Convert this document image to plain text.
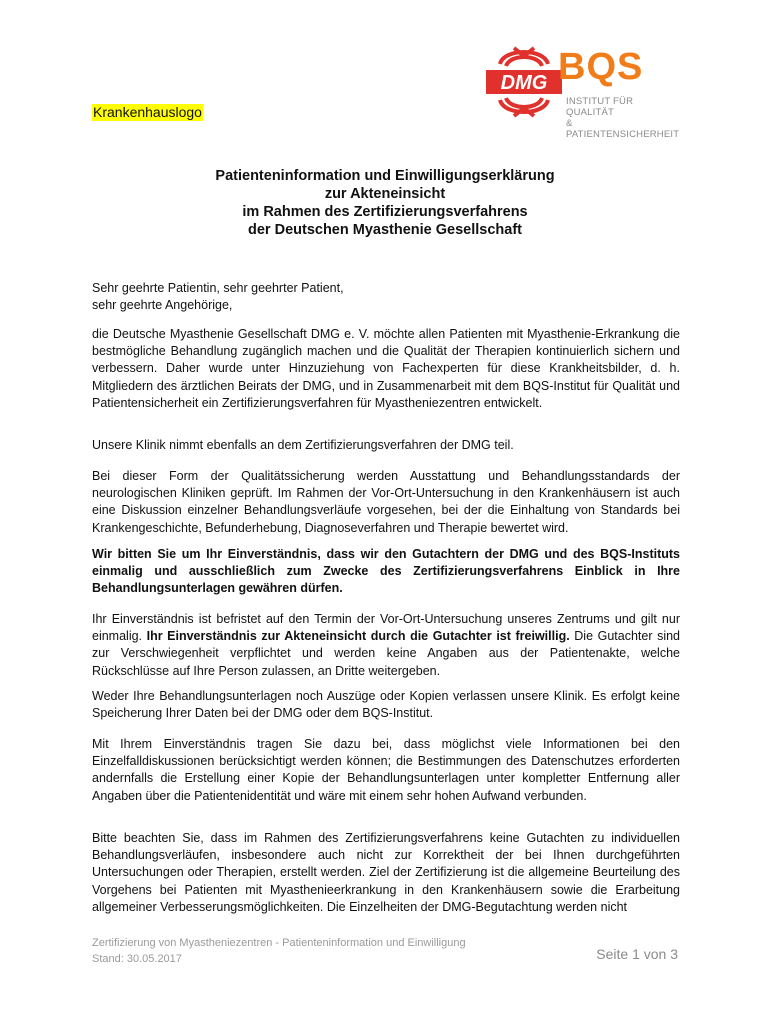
Krankenhauslogo
DMG BQS
INSTITUT FÜR QUALITÄT
& PATIENTENSICHERHEIT
Patienteninformation und Einwilligungserklärung
zur Akteneinsicht
im Rahmen des Zertifizierungsverfahrens
der Deutschen Myasthenie Gesellschaft
Sehr geehrte Patientin, sehr geehrter Patient,
sehr geehrte Angehörige,

die Deutsche Myasthenie Gesellschaft DMG e. V. möchte allen Patienten mit Myasthenie-Erkrankung die bestmögliche Behandlung zugänglich machen und die Qualität der Therapien kontinuierlich sichern und verbessern. Daher wurde unter Hinzuziehung von Fachexperten für diese Krankheitsbilder, d. h. Mitgliedern des ärztlichen Beirats der DMG, und in Zusammenarbeit mit dem BQS-Institut für Qualität und Patientensicherheit ein Zertifizierungsverfahren für Myastheniezentren entwickelt.

Unsere Klinik nimmt ebenfalls an dem Zertifizierungsverfahren der DMG teil.

Bei dieser Form der Qualitätssicherung werden Ausstattung und Behandlungsstandards der neurologischen Kliniken geprüft. Im Rahmen der Vor-Ort-Untersuchung in den Krankenhäusern ist auch eine Diskussion einzelner Behandlungsverläufe vorgesehen, bei der die Einhaltung von Standards bei Krankengeschichte, Befunderhebung, Diagnoseverfahren und Therapie bewertet wird.

Wir bitten Sie um Ihr Einverständnis, dass wir den Gutachtern der DMG und des BQS-Instituts einmalig und ausschließlich zum Zwecke des Zertifizierungsverfahrens Einblick in Ihre Behandlungsunterlagen gewähren dürfen.

Ihr Einverständnis ist befristet auf den Termin der Vor-Ort-Untersuchung unseres Zentrums und gilt nur einmalig. Ihr Einverständnis zur Akteneinsicht durch die Gutachter ist freiwillig. Die Gutachter sind zur Verschwiegenheit verpflichtet und werden keine Angaben aus der Patientenakte, welche Rückschlüsse auf Ihre Person zulassen, an Dritte weitergeben.

Weder Ihre Behandlungsunterlagen noch Auszüge oder Kopien verlassen unsere Klinik. Es erfolgt keine Speicherung Ihrer Daten bei der DMG oder dem BQS-Institut.

Mit Ihrem Einverständnis tragen Sie dazu bei, dass möglichst viele Informationen bei den Einzelfalldiskussionen berücksichtigt werden können; die Bestimmungen des Datenschutzes erforderten andernfalls die Erstellung einer Kopie der Behandlungsunterlagen unter kompletter Entfernung aller Angaben über die Patientenidentität und wäre mit einem sehr hohen Aufwand verbunden.

Bitte beachten Sie, dass im Rahmen des Zertifizierungsverfahrens keine Gutachten zu individuellen Behandlungsverläufen, insbesondere auch nicht zur Korrektheit der bei Ihnen durchgeführten Untersuchungen oder Therapien, erstellt werden. Ziel der Zertifizierung ist die allgemeine Beurteilung des Vorgehens bei Patienten mit Myasthenieerkrankung in den Krankenhäusern sowie die Erarbeitung allgemeiner Verbesserungsmöglichkeiten. Die Einzelheiten der DMG-Begutachtung werden nicht

Zertifizierung von Myastheniezentren - Patienteninformation und Einwilligung
Stand: 30.05.2017	Seite 1 von 3
